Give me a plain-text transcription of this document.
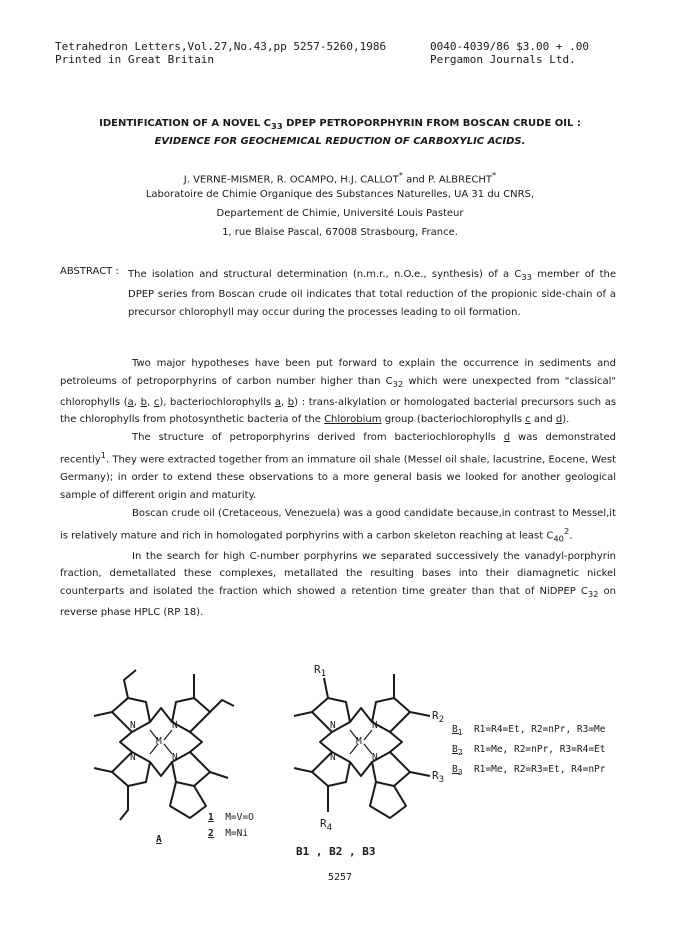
Tetrahedron Letters,Vol.27,No.43,pp 5257-5260,1986
Printed in Great Britain
0040-4039/86 $3.00 + .00
Pergamon Journals Ltd.
IDENTIFICATION OF A NOVEL $C_{33}$ DPEP PETROPORPHYRIN FROM BOSCAN CRUDE OIL :
EVIDENCE FOR GEOCHEMICAL REDUCTION OF CARBOXYLIC ACIDS.
J. VERNE-MISMER, R. OCAMPO, H.J. CALLOT* and P. ALBRECHT*
Laboratoire de Chimie Organique des Substances Naturelles, UA 31 du CNRS,
Departement de Chimie, Université Louis Pasteur
1, rue Blaise Pascal, 67008 Strasbourg, France.
ABSTRACT : The isolation and structural determination (n.m.r., n.O.e., synthesis) of a $C_{33}$ member of the DPEP series from Boscan crude oil indicates that total reduction of the propionic side-chain of a precursor chlorophyll may occur during the processes leading to oil formation.

Two major hypotheses have been put forward to explain the occurrence in sediments and petroleums of petroporphyrins of carbon number higher than $C_{32}$ which were unexpected from "classical" chlorophylls (a, b, c), bacteriochlorophylls a, b) : trans-alkylation or homologated bacterial precursors such as the chlorophylls from photosynthetic bacteria of the Chlorobium group (bacteriochlorophylls c and d).

The structure of petroporphyrins derived from bacteriochlorophylls d was demonstrated recently$^1$. They were extracted together from an immature oil shale (Messel oil shale, lacustrine, Eocene, West Germany); in order to extend these observations to a more general basis we looked for another geological sample of different origin and maturity.

Boscan crude oil (Cretaceous, Venezuela) was a good candidate because,in contrast to Messel,it is relatively mature and rich in homologated porphyrins with a carbon skeleton reaching at least $C_{40}^2$.

In the search for high C-number porphyrins we separated successively the vanadyl-porphyrin fraction, demetallated these complexes, metallated the resulting bases into their diamagnetic nickel counterparts and isolated the fraction which showed a retention time greater than that of NiDPEP $C_{32}$ on reverse phase HPLC (RP 18).

N	N
M
N	N
N	N
M
N	N
A
1 M=V=O
2 M=Ni
$R_1$
$R_2$
$R_3$
$R_4$
B1 , B2 , B3
$B_1$ R1=R4=Et, R2=nPr, R3=Me
$B_2$ R1=Me, R2=nPr, R3=R4=Et
$B_3$ R1=Me, R2=R3=Et, R4=nPr
5257
